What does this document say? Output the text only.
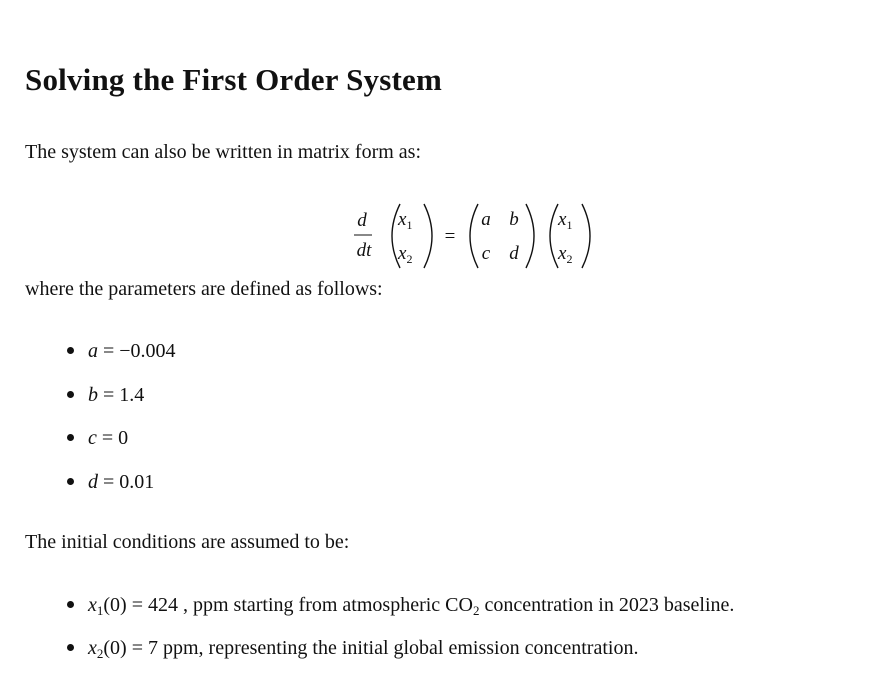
Solving the First Order System

The system can also be written in matrix form as:

d
dt
$x_1$
$x_2$
=
a b
c d
$x_1$
$x_2$

where the parameters are defined as follows:

a = −0.004
b = 1.4
c = 0
d = 0.01

The initial conditions are assumed to be:

$x_1(0) = 424$ , ppm starting from atmospheric $CO_2$ concentration in 2023 baseline.
$x_2(0) = 7$ ppm, representing the initial global emission concentration.
